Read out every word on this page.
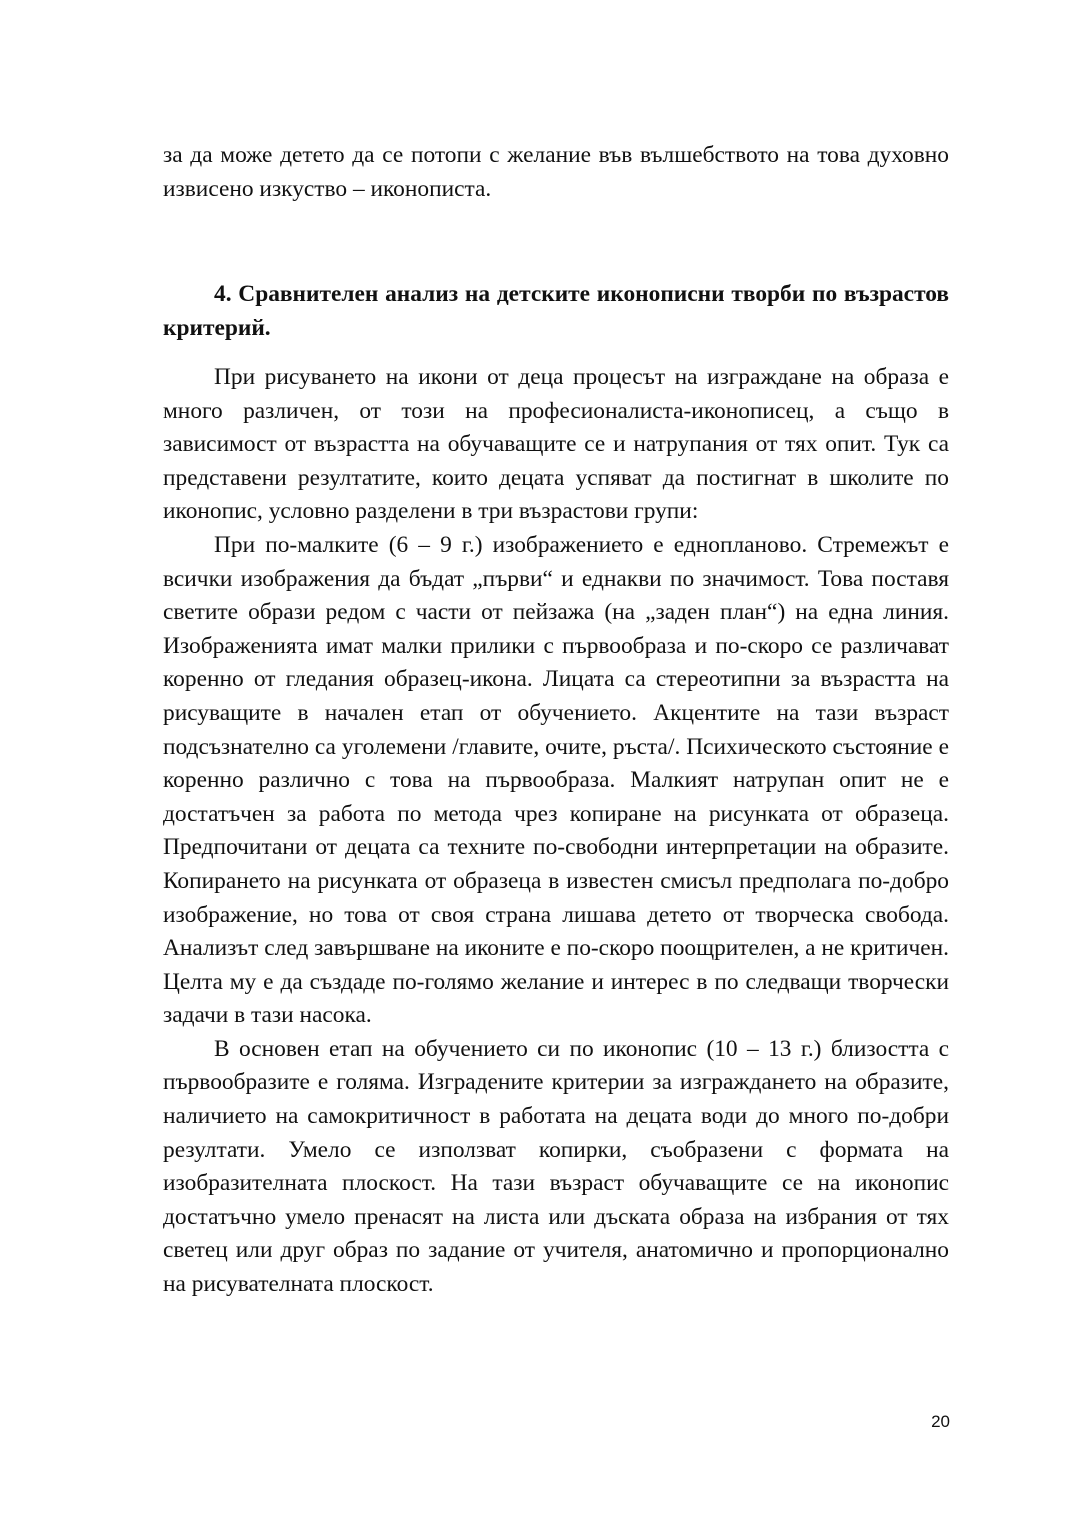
за да може детето да се потопи с желание във вълшебството на това духовно извисено изкуство – иконописта.

4. Сравнителен анализ на детските иконописни творби по възрастов критерий.

При рисуването на икони от деца процесът на изграждане на образа е много различен, от този на професионалиста-иконописец, а също в зависимост от възрастта на обучаващите се и натрупания от тях опит. Тук са представени резултатите, които децата успяват да постигнат в школите по иконопис, условно разделени в три възрастови групи:

При по-малките (6 – 9 г.) изображението е еднопланово. Стремежът е всички изображения да бъдат „първи“ и еднакви по значимост. Това поставя светите образи редом с части от пейзажа (на „заден план“) на една линия. Изображенията имат малки прилики с първообраза и по-скоро се различават коренно от гледания образец-икона. Лицата са стереотипни за възрастта на рисуващите в начален етап от обучението. Акцентите на тази възраст подсъзнателно са уголемени /главите, очите, ръста/. Психическото състояние е коренно различно с това на първообраза. Малкият натрупан опит не е достатъчен за работа по метода чрез копиране на рисунката от образеца. Предпочитани от децата са техните по-свободни интерпретации на образите. Копирането на рисунката от образеца в известен смисъл предполага по-добро изображение, но това от своя страна лишава детето от творческа свобода. Анализът след завършване на иконите е по-скоро поощрителен, а не критичен. Целта му е да създаде по-голямо желание и интерес в по следващи творчески задачи в тази насока.

В основен етап на обучението си по иконопис (10 – 13 г.) близостта с първообразите е голяма. Изградените критерии за изграждането на образите, наличието на самокритичност в работата на децата води до много по-добри резултати. Умело се използват копирки, съобразени с формата на изобразителната плоскост. На тази възраст обучаващите се на иконопис достатъчно умело пренасят на листа или дъската образа на избрания от тях светец или друг образ по задание от учителя, анатомично и пропорционално на рисувателната плоскост.

20
